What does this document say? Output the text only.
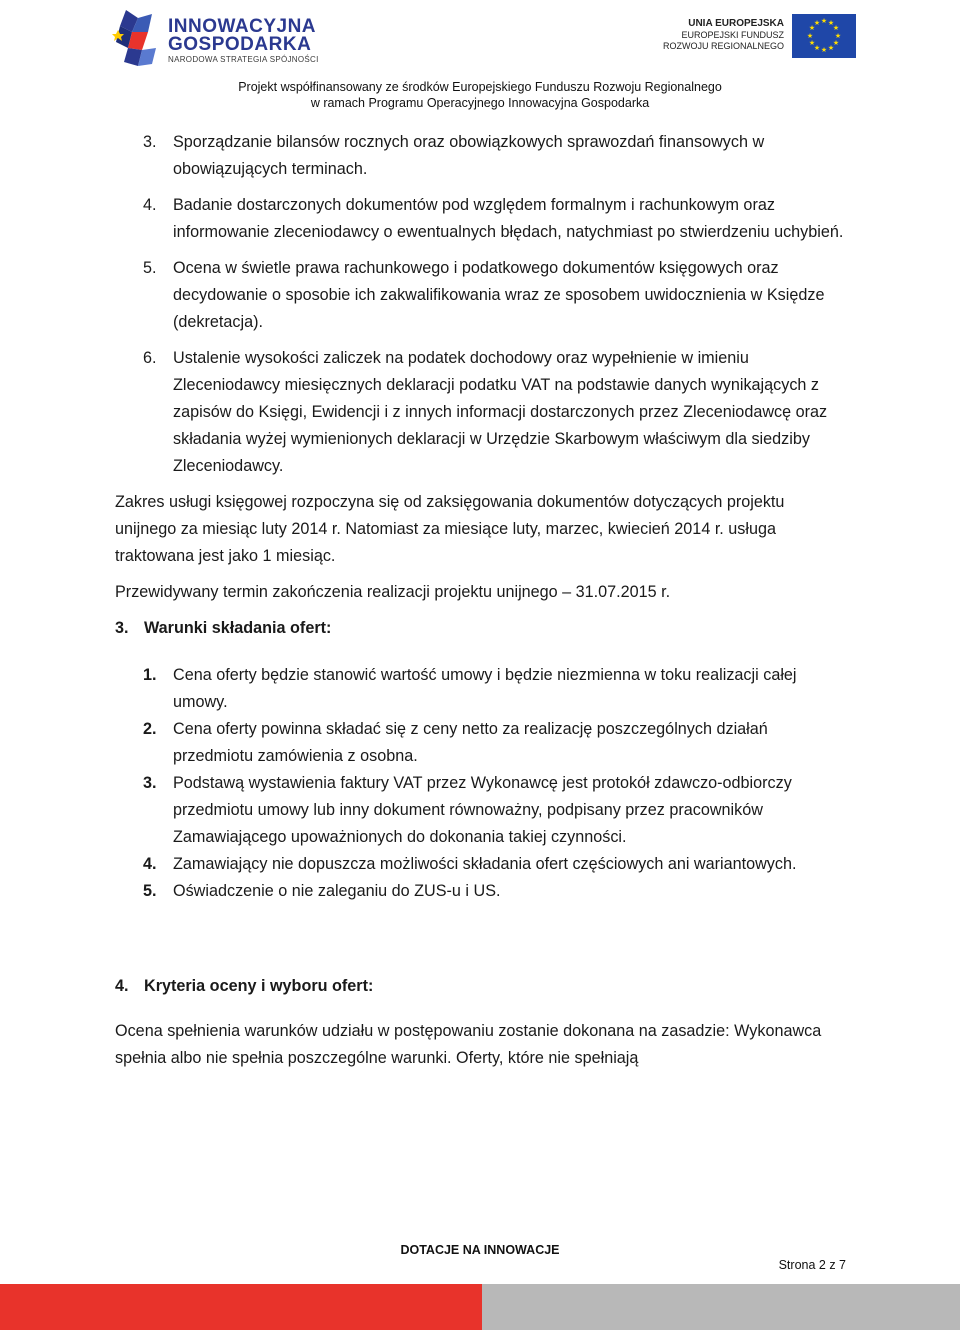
INNOWACYJNA
GOSPODARKA
NARODOWA STRATEGIA SPÓJNOŚCI
UNIA EUROPEJSKA
EUROPEJSKI FUNDUSZ
ROZWOJU REGIONALNEGO
★ ★
★
★
★
★
★
★
★
★
★
★
Projekt współfinansowany ze środków Europejskiego Funduszu Rozwoju Regionalnego
w ramach Programu Operacyjnego Innowacyjna Gospodarka
3. Sporządzanie bilansów rocznych oraz obowiązkowych sprawozdań finansowych w obowiązujących terminach.
4. Badanie dostarczonych dokumentów pod względem formalnym i rachunkowym oraz informowanie zleceniodawcy o ewentualnych błędach, natychmiast po stwierdzeniu uchybień.
5. Ocena w świetle prawa rachunkowego i podatkowego dokumentów księgowych oraz decydowanie o sposobie ich zakwalifikowania wraz ze sposobem uwidocznienia w Księdze (dekretacja).
6. Ustalenie wysokości zaliczek na podatek dochodowy oraz wypełnienie w imieniu Zleceniodawcy miesięcznych deklaracji podatku VAT na podstawie danych wynikających z zapisów do Księgi, Ewidencji i z innych informacji dostarczonych przez Zleceniodawcę oraz składania wyżej wymienionych deklaracji w Urzędzie Skarbowym właściwym dla siedziby Zleceniodawcy.

Zakres usługi księgowej rozpoczyna się od zaksięgowania dokumentów dotyczących projektu unijnego za miesiąc luty 2014 r. Natomiast za miesiące luty, marzec, kwiecień 2014 r. usługa traktowana jest jako 1 miesiąc.

Przewidywany termin zakończenia realizacji projektu unijnego – 31.07.2015 r.

3. Warunki składania ofert:
1. Cena oferty będzie stanowić wartość umowy i będzie niezmienna w toku realizacji całej umowy.
2. Cena oferty powinna składać się z ceny netto za realizację poszczególnych działań przedmiotu zamówienia z osobna.
3. Podstawą wystawienia faktury VAT przez Wykonawcę jest protokół zdawczo-odbiorczy przedmiotu umowy lub inny dokument równoważny, podpisany przez pracowników Zamawiającego upoważnionych do dokonania takiej czynności.
4. Zamawiający nie dopuszcza możliwości składania ofert częściowych ani wariantowych.
5. Oświadczenie o nie zaleganiu do ZUS-u i US.
4. Kryteria oceny i wyboru ofert:

Ocena spełnienia warunków udziału w postępowaniu zostanie dokonana na zasadzie: Wykonawca spełnia albo nie spełnia poszczególne warunki. Oferty, które nie spełniają

DOTACJE NA INNOWACJE
Strona 2 z 7
